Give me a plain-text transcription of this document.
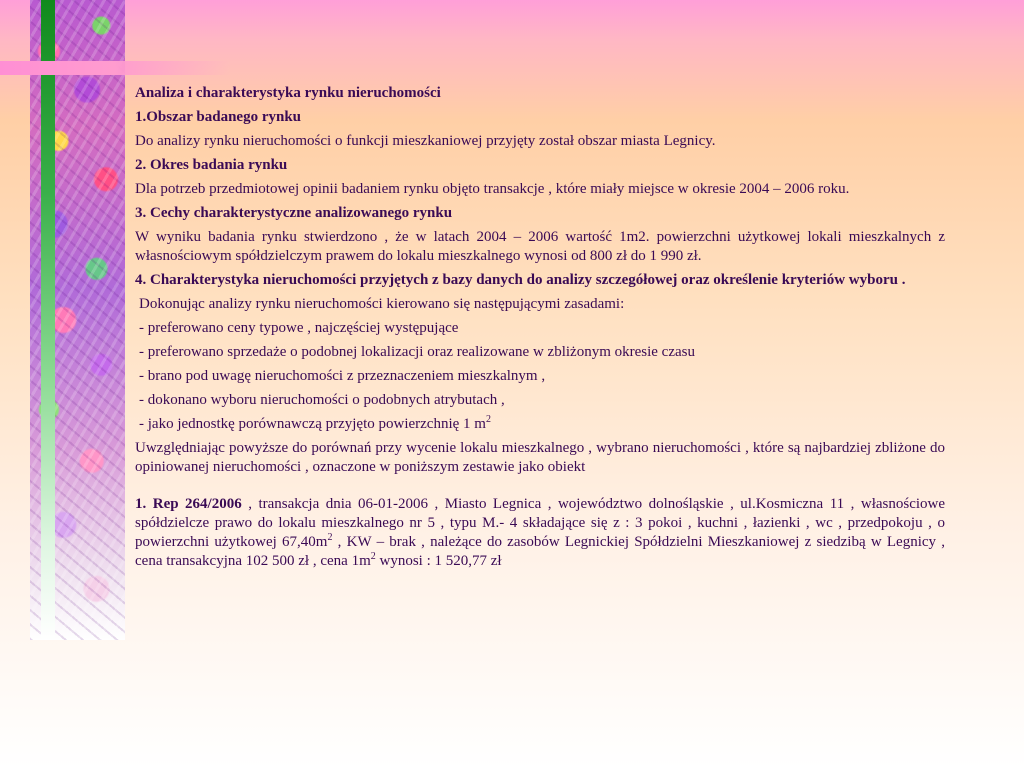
Analiza i charakterystyka rynku nieruchomości

1.Obszar badanego rynku

Do analizy rynku nieruchomości o funkcji mieszkaniowej przyjęty został obszar miasta Legnicy.

2. Okres badania rynku

Dla potrzeb przedmiotowej opinii badaniem rynku objęto transakcje , które miały miejsce w okresie 2004 – 2006 roku.

3. Cechy charakterystyczne analizowanego rynku

W wyniku badania rynku stwierdzono , że w latach 2004 – 2006 wartość 1m2. powierzchni użytkowej lokali mieszkalnych z własnościowym spółdzielczym prawem do lokalu mieszkalnego wynosi od 800 zł do 1 990 zł.

4. Charakterystyka nieruchomości przyjętych z bazy danych do analizy szczegółowej oraz określenie kryteriów wyboru .

Dokonując analizy rynku nieruchomości kierowano się następującymi zasadami:

- preferowano ceny typowe , najczęściej występujące

- preferowano sprzedaże o podobnej lokalizacji oraz realizowane w zbliżonym okresie czasu

- brano pod uwagę nieruchomości z przeznaczeniem mieszkalnym ,

- dokonano wyboru nieruchomości o podobnych atrybutach ,

- jako jednostkę porównawczą przyjęto powierzchnię 1 $m^2$

Uwzględniając powyższe do porównań przy wycenie lokalu mieszkalnego , wybrano nieruchomości , które są najbardziej zbliżone do opiniowanej nieruchomości , oznaczone w poniższym zestawie jako obiekt

1. Rep 264/2006 , transakcja dnia 06-01-2006 , Miasto Legnica , województwo dolnośląskie , ul.Kosmiczna 11 , własnościowe spółdzielcze prawo do lokalu mieszkalnego nr 5 , typu M.- 4 składające się z : 3 pokoi , kuchni , łazienki , wc , przedpokoju , o powierzchni użytkowej $67,40m^2$ , KW – brak , należące do zasobów Legnickiej Spółdzielni Mieszkaniowej z siedzibą w Legnicy , cena transakcyjna 102 500 zł , cena $1m^2$ wynosi : 1 520,77 zł
